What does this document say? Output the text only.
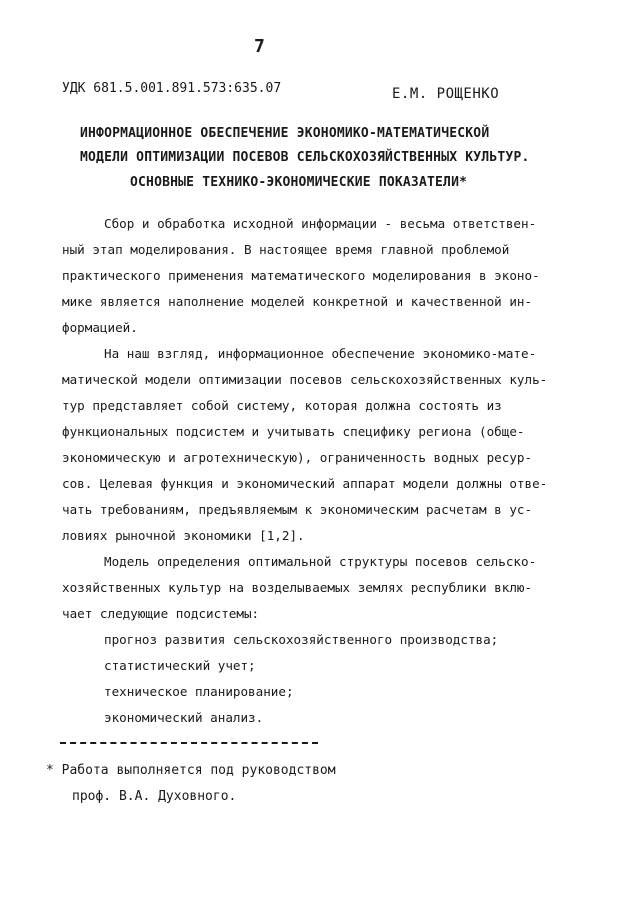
7
УДК 681.5.001.891.573:635.07	Е.М. РОЩЕНКО
ИНФОРМАЦИОННОЕ ОБЕСПЕЧЕНИЕ ЭКОНОМИКО-МАТЕМАТИЧЕСКОЙ
МОДЕЛИ ОПТИМИЗАЦИИ ПОСЕВОВ СЕЛЬСКОХОЗЯЙСТВЕННЫХ КУЛЬТУР.
ОСНОВНЫЕ ТЕХНИКО-ЭКОНОМИЧЕСКИЕ ПОКАЗАТЕЛИ*
Сбор и обработка исходной информации - весьма ответствен-
ный этап моделирования. В настоящее время главной проблемой
практического применения математического моделирования в эконо-
мике является наполнение моделей конкретной и качественной ин-
формацией.
На наш взгляд, информационное обеспечение экономико-мате-
матической модели оптимизации посевов сельскохозяйственных куль-
тур представляет собой систему, которая должна состоять из
функциональных подсистем и учитывать специфику региона (обще-
экономическую и агротехническую), ограниченность водных ресур-
сов. Целевая функция и экономический аппарат модели должны отве-
чать требованиям, предъявляемым к экономическим расчетам в ус-
ловиях рыночной экономики [1,2].
Модель определения оптимальной структуры посевов сельско-
хозяйственных культур на возделываемых землях республики вклю-
чает следующие подсистемы:
прогноз развития сельскохозяйственного производства;
статистический учет;
техническое планирование;
экономический анализ.
* Работа выполняется под руководством
проф. В.А. Духовного.
